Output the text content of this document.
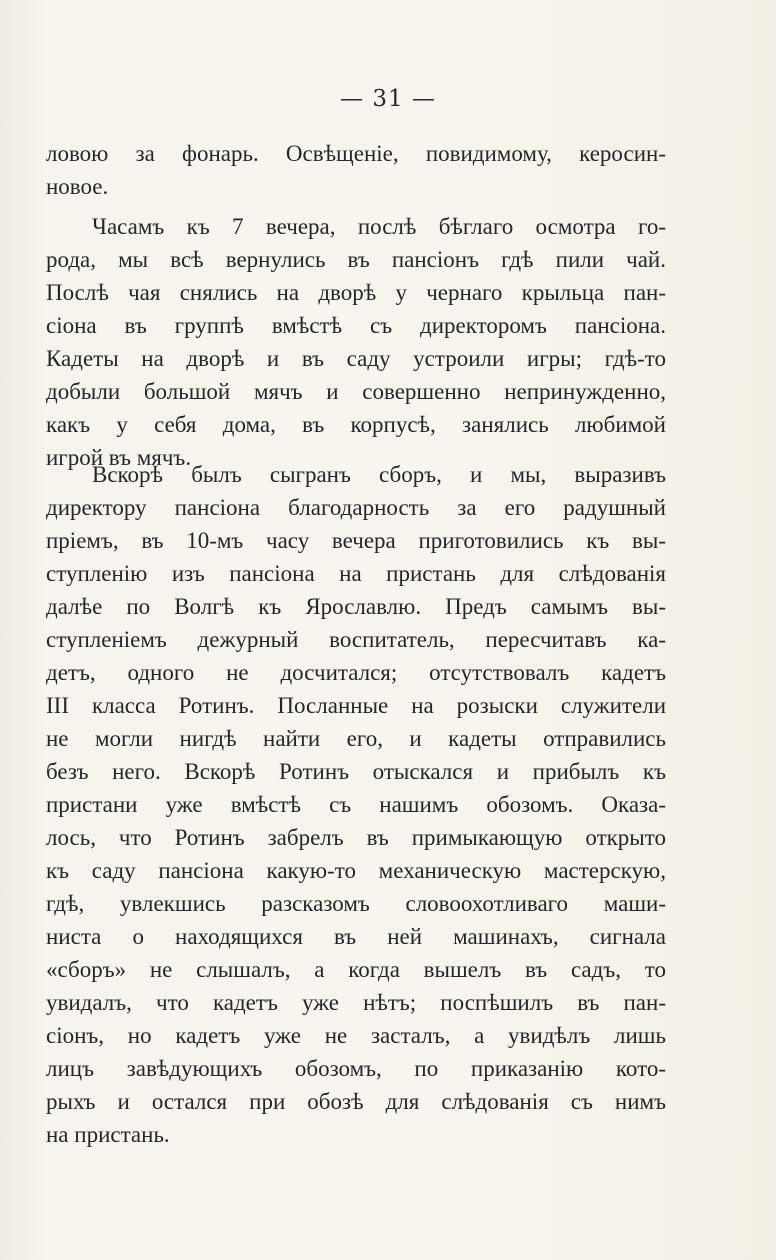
— 31 —
ловою за фонарь. Освѣщеніе, повидимому, керосин-
новое.
Часамъ къ 7 вечера, послѣ бѣглаго осмотра го-
рода, мы всѣ вернулись въ пансіонъ гдѣ пили чай.
Послѣ чая снялись на дворѣ у чернаго крыльца пан-
сіона въ группѣ вмѣстѣ съ директоромъ пансіона.
Кадеты на дворѣ и въ саду устроили игры; гдѣ-то
добыли большой мячъ и совершенно непринужденно,
какъ у себя дома, въ корпусѣ, занялись любимой
игрой въ мячъ.
Вскорѣ былъ сыгранъ сборъ, и мы, выразивъ
директору пансіона благодарность за его радушный
пріемъ, въ 10-мъ часу вечера приготовились къ вы-
ступленію изъ пансіона на пристань для слѣдованія
далѣе по Волгѣ къ Ярославлю. Предъ самымъ вы-
ступленіемъ дежурный воспитатель, пересчитавъ ка-
детъ, одного не досчитался; отсутствовалъ кадетъ
III класса Ротинъ. Посланные на розыски служители
не могли нигдѣ найти его, и кадеты отправились
безъ него. Вскорѣ Ротинъ отыскался и прибылъ къ
пристани уже вмѣстѣ съ нашимъ обозомъ. Оказа-
лось, что Ротинъ забрелъ въ примыкающую открыто
къ саду пансіона какую-то механическую мастерскую,
гдѣ, увлекшись разсказомъ словоохотливаго маши-
ниста о находящихся въ ней машинахъ, сигнала
«сборъ» не слышалъ, а когда вышелъ въ садъ, то
увидалъ, что кадетъ уже нѣтъ; поспѣшилъ въ пан-
сіонъ, но кадетъ уже не засталъ, а увидѣлъ лишь
лицъ завѣдующихъ обозомъ, по приказанію кото-
рыхъ и остался при обозѣ для слѣдованія съ нимъ
на пристань.
